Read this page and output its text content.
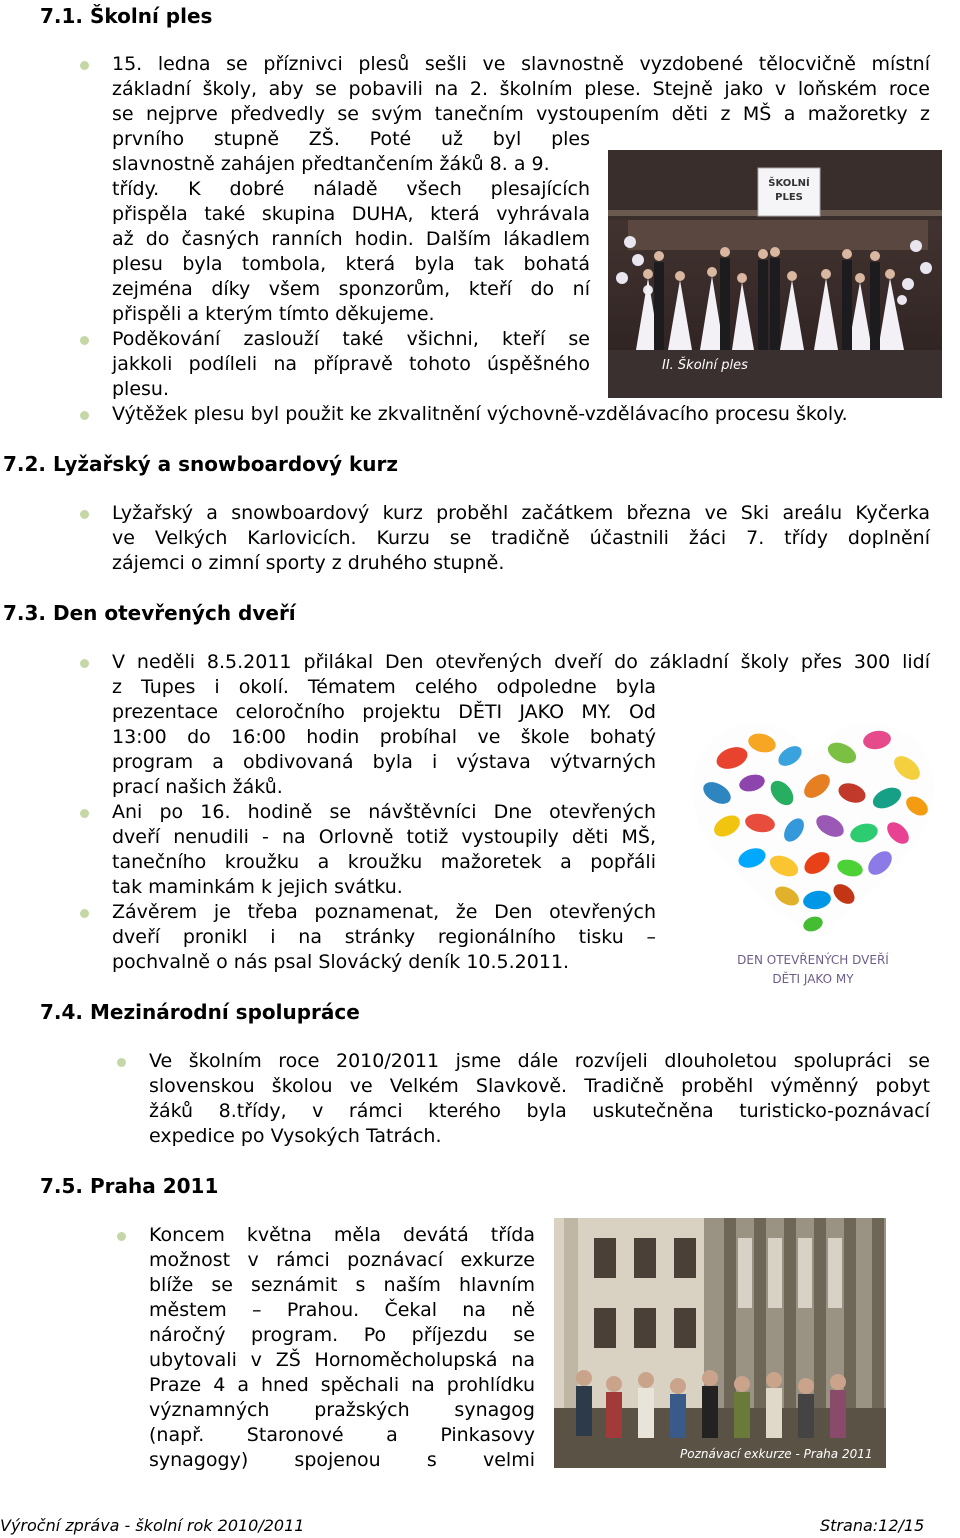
7.1. Školní ples
15. ledna se příznivci plesů sešli ve slavnostně vyzdobené tělocvičně místní
základní školy, aby se pobavili na 2. školním plese. Stejně jako v loňském roce
se nejprve předvedly se svým tanečním vystoupením děti z MŠ a mažoretky z
prvního stupně ZŠ. Poté už byl ples
slavnostně zahájen předtančením žáků 8. a 9.
třídy. K dobré náladě všech plesajících
přispěla také skupina DUHA, která vyhrávala
až do časných ranních hodin. Dalším lákadlem
plesu byla tombola, která byla tak bohatá
zejména díky všem sponzorům, kteří do ní
přispěli a kterým tímto děkujeme.
Poděkování zaslouží také všichni, kteří se
jakkoli podíleli na přípravě tohoto úspěšného
plesu.
Výtěžek plesu byl použit ke zkvalitnění výchovně-vzdělávacího procesu školy.
ŠKOLNÍ PLES
II. Školní ples
7.2. Lyžařský a snowboardový kurz
Lyžařský a snowboardový kurz proběhl začátkem března ve Ski areálu Kyčerka
ve Velkých Karlovicích. Kurzu se tradičně účastnili žáci 7. třídy doplnění
zájemci o zimní sporty z druhého stupně.
7.3. Den otevřených dveří
V neděli 8.5.2011 přilákal Den otevřených dveří do základní školy přes 300 lidí
z Tupes i okolí. Tématem celého odpoledne byla
prezentace celoročního projektu DĚTI JAKO MY. Od
13:00 do 16:00 hodin probíhal ve škole bohatý
program a obdivovaná byla i výstava výtvarných
prací našich žáků.
Ani po 16. hodině se návštěvníci Dne otevřených
dveří nenudili - na Orlovně totiž vystoupily děti MŠ,
tanečního kroužku a kroužku mažoretek a popřáli
tak maminkám k jejich svátku.
Závěrem je třeba poznamenat, že Den otevřených
dveří pronikl i na stránky regionálního tisku –
pochvalně o nás psal Slovácký deník 10.5.2011.	DEN OTEVŘENÝCH DVEŘÍ
DĚTI JAKO MY
7.4. Mezinárodní spolupráce
Ve školním roce 2010/2011 jsme dále rozvíjeli dlouholetou spolupráci se
slovenskou školou ve Velkém Slavkově. Tradičně proběhl výměnný pobyt
žáků 8.třídy, v rámci kterého byla uskutečněna turisticko-poznávací
expedice po Vysokých Tatrách.
7.5. Praha 2011
Koncem května měla devátá třída
možnost v rámci poznávací exkurze
blíže se seznámit s naším hlavním
městem – Prahou. Čekal na ně
náročný program. Po příjezdu se
ubytovali v ZŠ Hornoměcholupská na
Praze 4 a hned spěchali na prohlídku
významných pražských synagog
(např. Staronové a Pinkasovy
synagogy) spojenou s velmi	Poznávací exkurze - Praha 2011
Výroční zpráva - školní rok 2010/2011	Strana:12/15
